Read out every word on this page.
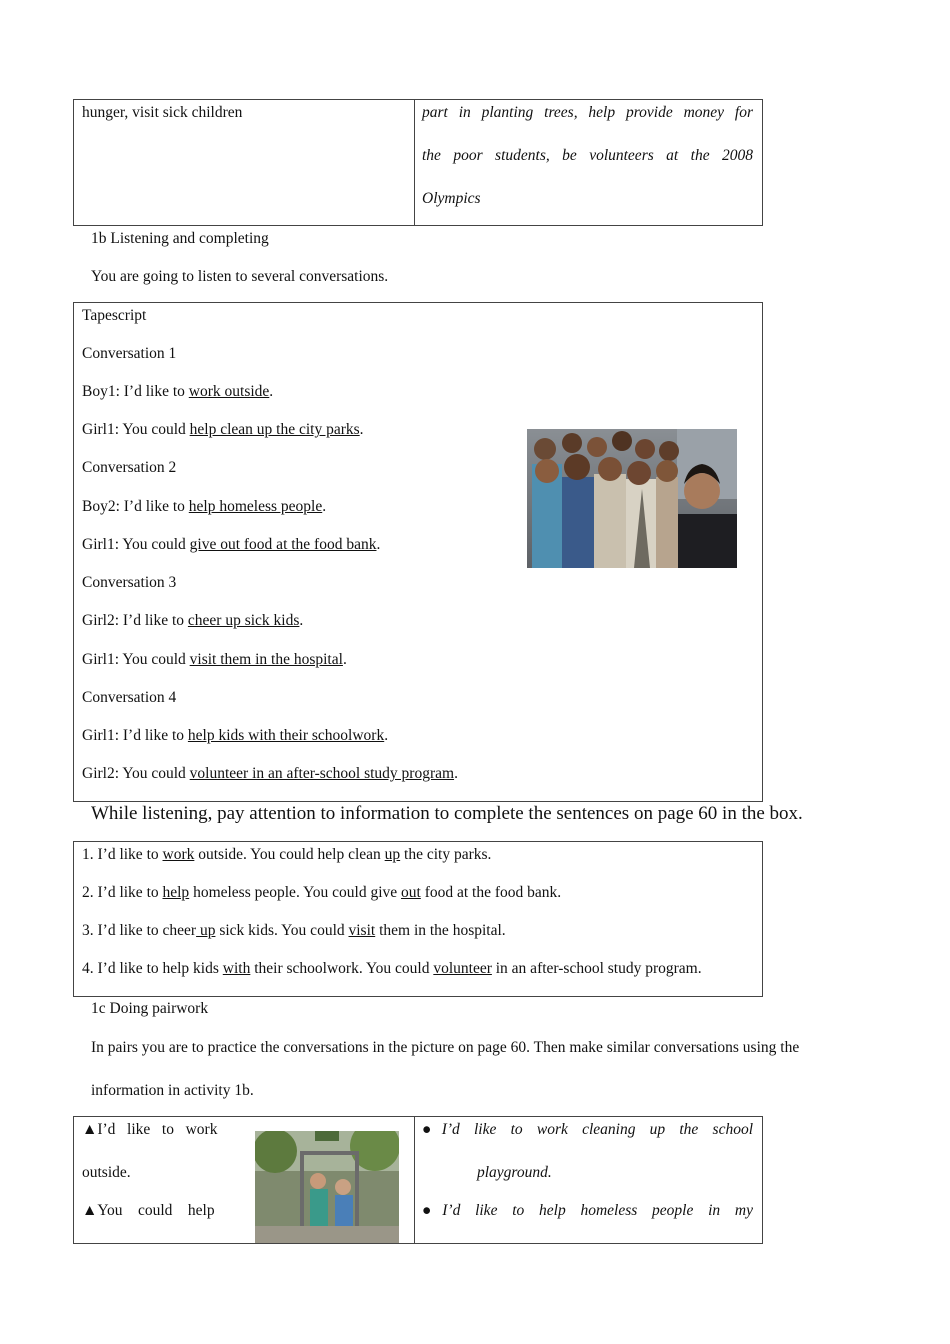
hunger, visit sick children	part in planting trees, help provide money for
the poor students, be volunteers at the 2008
Olympics
1b Listening and completing
You are going to listen to several conversations.
Tapescript
Conversation 1
Boy1: I’d like to work outside.
Girl1: You could help clean up the city parks.
Conversation 2
Boy2: I’d like to help homeless people.
Girl1: You could give out food at the food bank.
Conversation 3
Girl2: I’d like to cheer up sick kids.
Girl1: You could visit them in the hospital.
Conversation 4
Girl1: I’d like to help kids with their schoolwork.
Girl2: You could volunteer in an after-school study program.
While listening, pay attention to information to complete the sentences on page 60 in the box.
1. I’d like to work outside. You could help clean up the city parks.
2. I’d like to help homeless people. You could give out food at the food bank.
3. I’d like to cheer up sick kids. You could visit them in the hospital.
4. I’d like to help kids with their schoolwork. You could volunteer in an after-school study program.
1c Doing pairwork
In pairs you are to practice the conversations in the picture on page 60. Then make similar conversations using the
information in activity 1b.
▲I’d   like   to   work
outside.
▲You    could    help
●I’d like to work cleaning up the school
playground.
●I’d like to help homeless people in my
